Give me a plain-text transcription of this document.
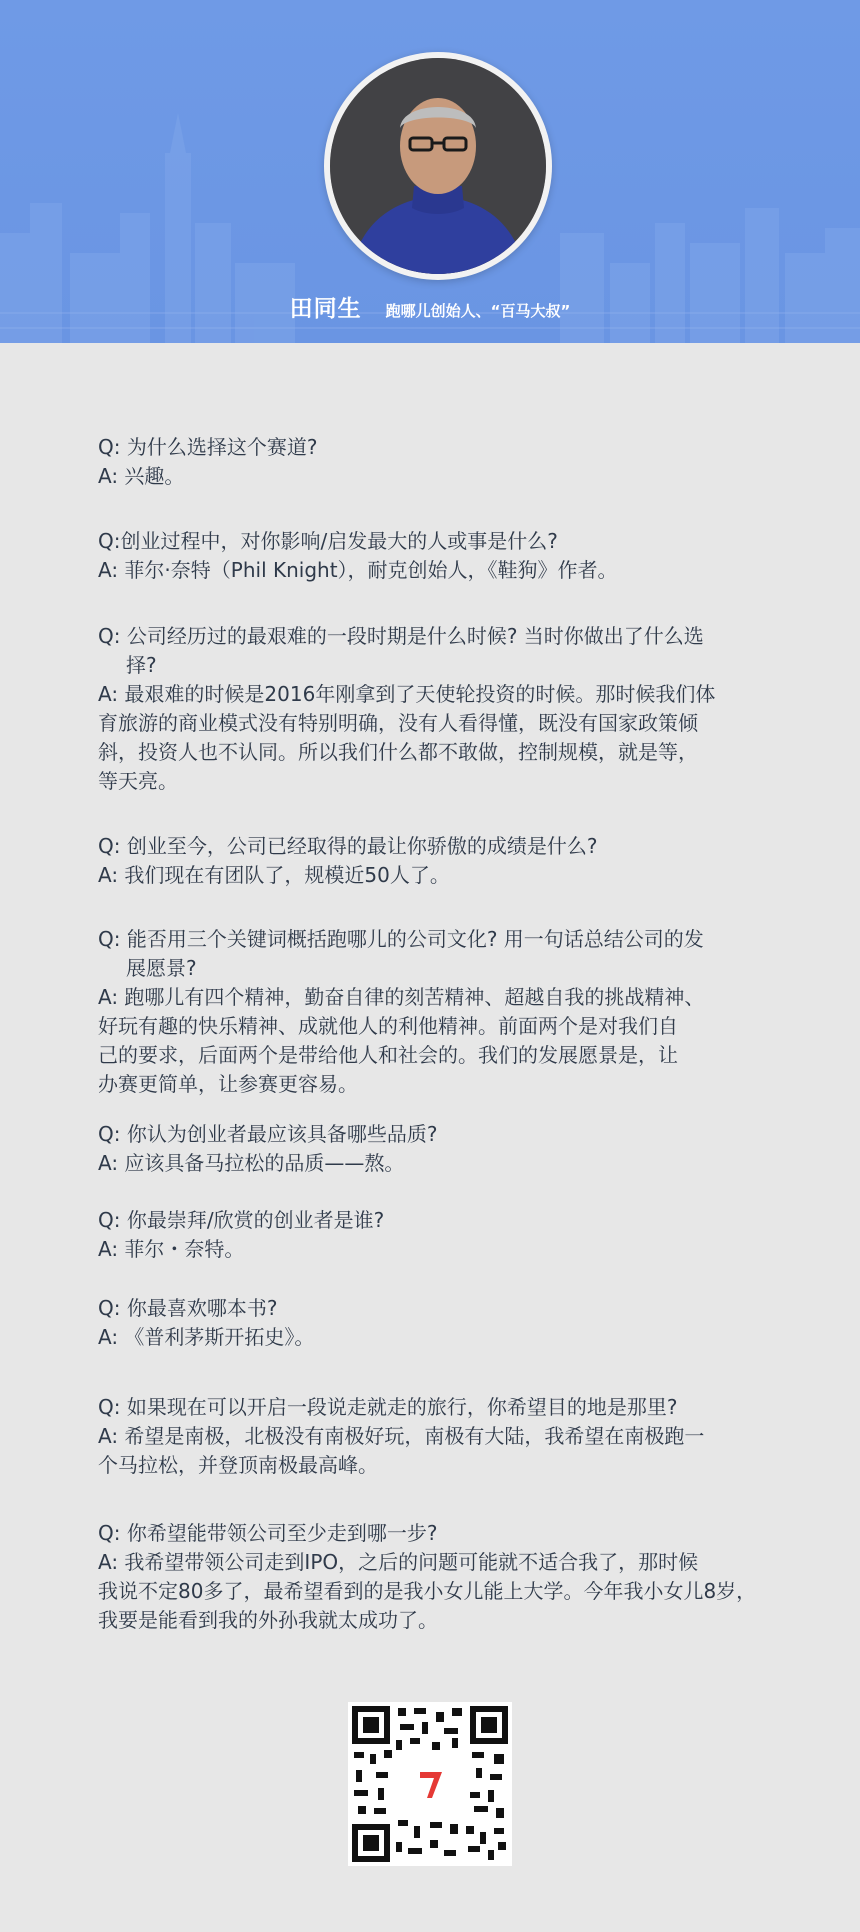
田同生 跑哪儿创始人、“百马大叔”

Q: 为什么选择这个赛道?

A: 兴趣。

Q:创业过程中，对你影响/启发最大的人或事是什么?

A: 菲尔·奈特（Phil Knight），耐克创始人，《鞋狗》作者。

Q: 公司经历过的最艰难的一段时期是什么时候? 当时你做出了什么选

择?

A: 最艰难的时候是2016年刚拿到了天使轮投资的时候。那时候我们体

育旅游的商业模式没有特别明确，没有人看得懂，既没有国家政策倾

斜，投资人也不认同。所以我们什么都不敢做，控制规模，就是等，

等天亮。

Q: 创业至今，公司已经取得的最让你骄傲的成绩是什么?

A: 我们现在有团队了，规模近50人了。

Q: 能否用三个关键词概括跑哪儿的公司文化? 用一句话总结公司的发

展愿景?

A: 跑哪儿有四个精神，勤奋自律的刻苦精神、超越自我的挑战精神、

好玩有趣的快乐精神、成就他人的利他精神。前面两个是对我们自

己的要求，后面两个是带给他人和社会的。我们的发展愿景是，让

办赛更简单，让参赛更容易。

Q: 你认为创业者最应该具备哪些品质?

A: 应该具备马拉松的品质——熬。

Q: 你最崇拜/欣赏的创业者是谁?

A: 菲尔・奈特。

Q: 你最喜欢哪本书?

A: 《普利茅斯开拓史》。

Q: 如果现在可以开启一段说走就走的旅行，你希望目的地是那里?

A: 希望是南极，北极没有南极好玩，南极有大陆，我希望在南极跑一

个马拉松，并登顶南极最高峰。

Q: 你希望能带领公司至少走到哪一步?

A: 我希望带领公司走到IPO，之后的问题可能就不适合我了，那时候

我说不定80多了，最希望看到的是我小女儿能上大学。今年我小女儿8岁，

我要是能看到我的外孙我就太成功了。
